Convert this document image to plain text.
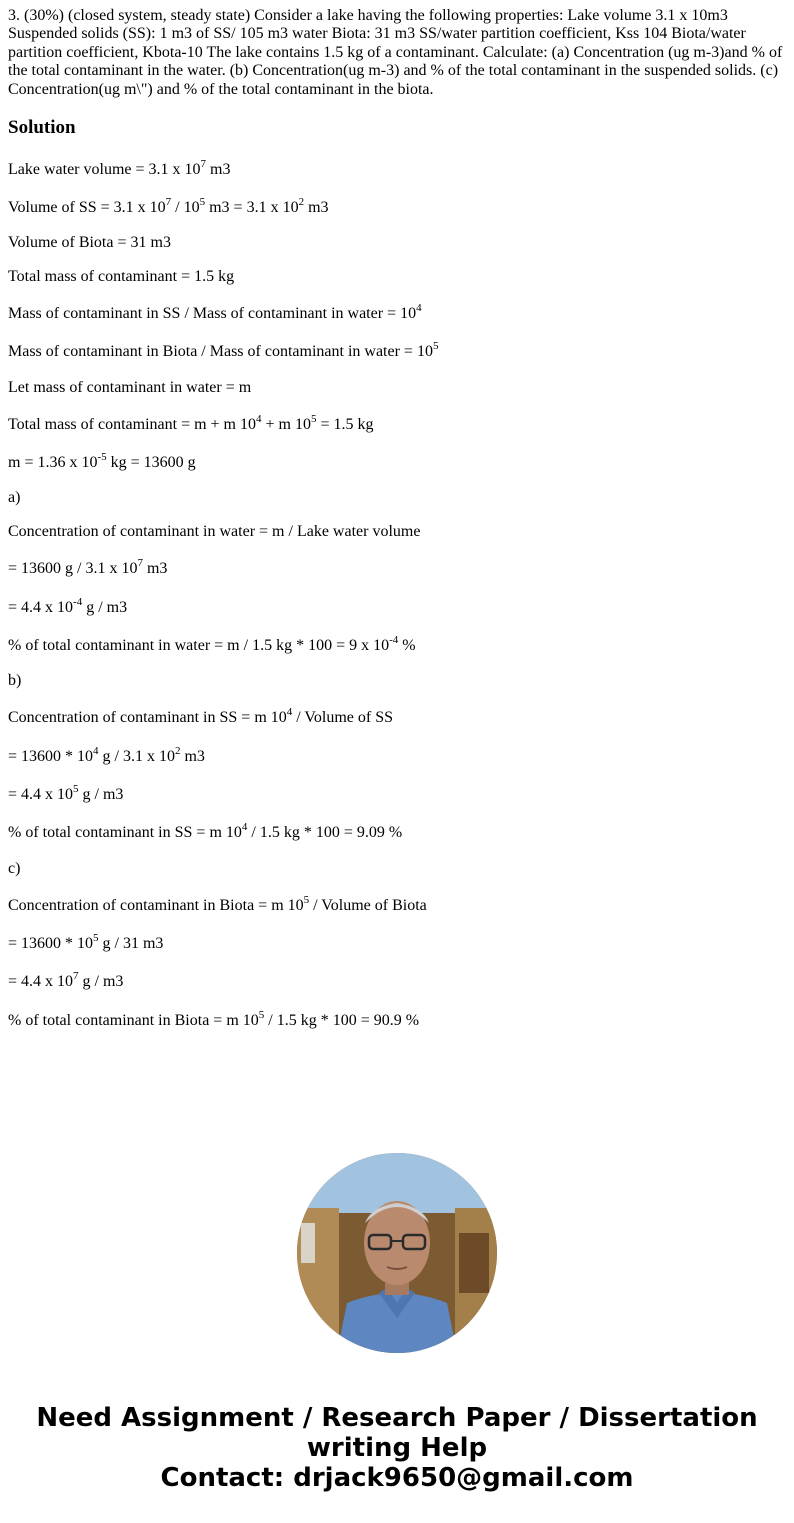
3. (30%) (closed system, steady state) Consider a lake having the following properties: Lake volume 3.1 x 10m3 Suspended solids (SS): 1 m3 of SS/ 105 m3 water Biota: 31 m3 SS/water partition coefficient, Kss 104 Biota/water partition coefficient, Kbota-10 The lake contains 1.5 kg of a contaminant. Calculate: (a) Concentration (ug m-3)and % of the total contaminant in the water. (b) Concentration(ug m-3) and % of the total contaminant in the suspended solids. (c) Concentration(ug m\") and % of the total contaminant in the biota.
Solution
Lake water volume = 3.1 x $10^7$ m3
Volume of SS = 3.1 x $10^7 / 10^5$ m3 = 3.1 x $10^2$ m3
Volume of Biota = 31 m3
Total mass of contaminant = 1.5 kg
Mass of contaminant in SS / Mass of contaminant in water = $10^4$
Mass of contaminant in Biota / Mass of contaminant in water = $10^5$
Let mass of contaminant in water = m
Total mass of contaminant = m + m $10^4 + m$ $10^5 = 1.5$ kg
m = 1.36 x $10^{-5}$ kg = 13600 g
a)
Concentration of contaminant in water = m / Lake water volume
= 13600 g / 3.1 x $10^7$ m3
= 4.4 x $10^{-4}$ g / m3
% of total contaminant in water = m / 1.5 kg * 100 = 9 x $10^{-4}$ %
b)
Concentration of contaminant in SS = m $10^4$ / Volume of SS
= $13600 * 10^4$ g / 3.1 x $10^2$ m3
= 4.4 x $10^5$ g / m3
% of total contaminant in SS = m $10^4 / 1.5$ kg * 100 = 9.09 %
c)
Concentration of contaminant in Biota = m $10^5$ / Volume of Biota
= $13600 * 10^5$ g / 31 m3
= 4.4 x $10^7$ g / m3
% of total contaminant in Biota = m $10^5 / 1.5$ kg * 100 = 90.9 %
Need Assignment / Research Paper / Dissertation
writing Help
Contact: drjack9650@gmail.com
